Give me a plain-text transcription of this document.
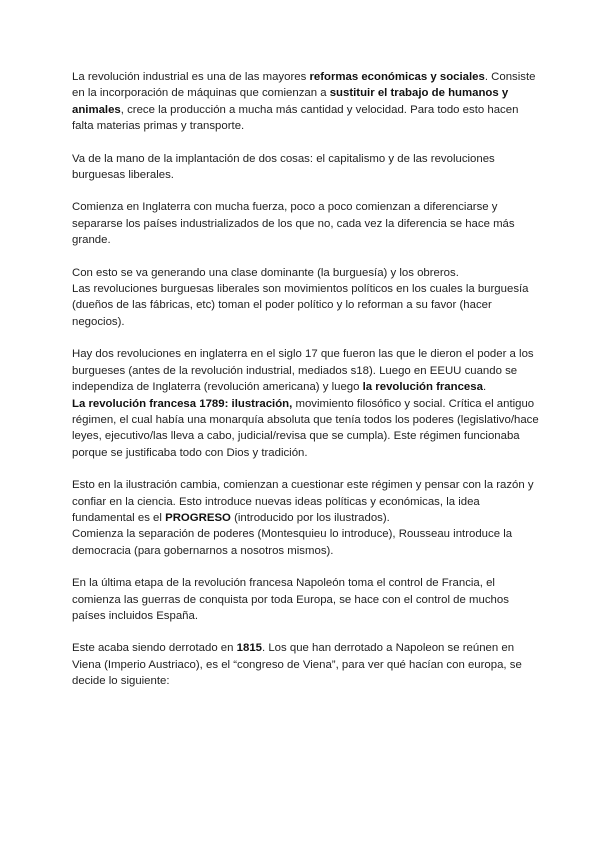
La revolución industrial es una de las mayores reformas económicas y sociales. Consiste en la incorporación de máquinas que comienzan a sustituir el trabajo de humanos y animales, crece la producción a mucha más cantidad y velocidad. Para todo esto hacen falta materias primas y transporte.

Va de la mano de la implantación de dos cosas: el capitalismo y de las revoluciones burguesas liberales.

Comienza en Inglaterra con mucha fuerza, poco a poco comienzan a diferenciarse y separarse los países industrializados de los que no, cada vez la diferencia se hace más grande.

Con esto se va generando una clase dominante (la burguesía) y los obreros.

Las revoluciones burguesas liberales son movimientos políticos en los cuales la burguesía (dueños de las fábricas, etc) toman el poder político y lo reforman a su favor (hacer negocios).

Hay dos revoluciones en inglaterra en el siglo 17 que fueron las que le dieron el poder a los burgueses (antes de la revolución industrial, mediados s18). Luego en EEUU cuando se independiza de Inglaterra (revolución americana) y luego la revolución francesa.

La revolución francesa 1789: ilustración, movimiento filosófico y social. Crítica el antiguo régimen, el cual había una monarquía absoluta que tenía todos los poderes (legislativo/hace leyes, ejecutivo/las lleva a cabo, judicial/revisa que se cumpla). Este régimen funcionaba porque se justificaba todo con Dios y tradición.

Esto en la ilustración cambia, comienzan a cuestionar este régimen y pensar con la razón y confiar en la ciencia. Esto introduce nuevas ideas políticas y económicas, la idea fundamental es el PROGRESO (introducido por los ilustrados).

Comienza la separación de poderes (Montesquieu lo introduce), Rousseau introduce la democracia (para gobernarnos a nosotros mismos).

En la última etapa de la revolución francesa Napoleón toma el control de Francia, el comienza las guerras de conquista por toda Europa, se hace con el control de muchos países incluidos España.

Este acaba siendo derrotado en 1815. Los que han derrotado a Napoleon se reúnen en Viena (Imperio Austriaco), es el “congreso de Viena”, para ver qué hacían con europa, se decide lo siguiente:
